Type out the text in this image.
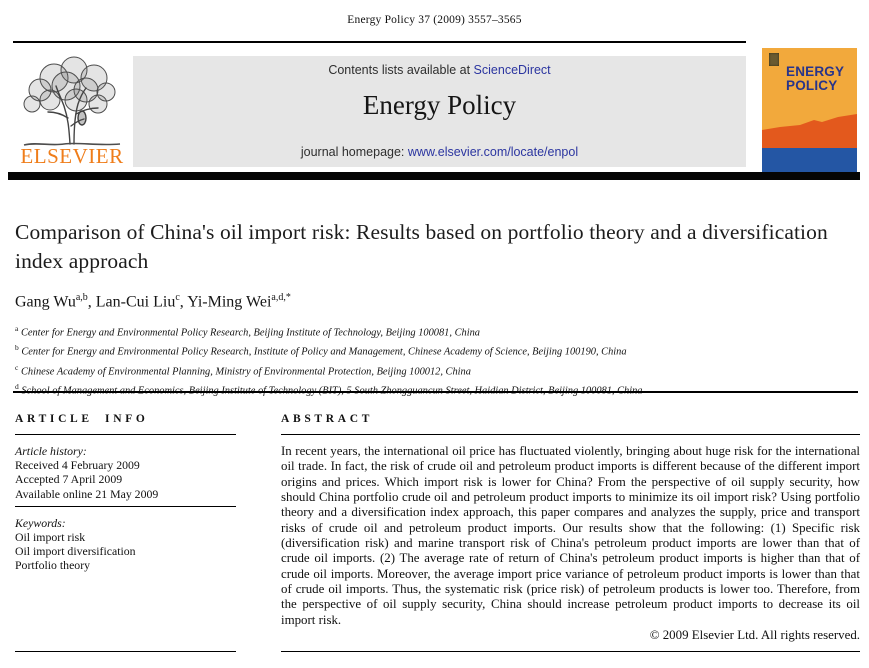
Energy Policy 37 (2009) 3557–3565
ELSEVIER
Contents lists available at ScienceDirect
Energy Policy
journal homepage: www.elsevier.com/locate/enpol
ENERGY
POLICY
Comparison of China's oil import risk: Results based on portfolio theory and a diversification index approach
Gang Wu$^{a,b}$, Lan-Cui Liu$^c$, Yi-Ming Wei$^{a,d,*}$
$^a$ Center for Energy and Environmental Policy Research, Beijing Institute of Technology, Beijing 100081, China
$^b$ Center for Energy and Environmental Policy Research, Institute of Policy and Management, Chinese Academy of Science, Beijing 100190, China
$^c$ Chinese Academy of Environmental Planning, Ministry of Environmental Protection, Beijing 100012, China
$^d$
ARTICLE INFO
Article history:
Received 4 February 2009
Accepted 7 April 2009
Available online 21 May 2009
Keywords:
Oil import risk
Oil import diversification
Portfolio theory
ABSTRACT
In recent years, the international oil price has fluctuated violently, bringing about huge risk for the international oil trade. In fact, the risk of crude oil and petroleum product imports is different because of the different import origins and prices. Which import risk is lower for China? From the perspective of oil supply security, how should China portfolio crude oil and petroleum product imports to minimize its oil import risk? Using portfolio theory and a diversification index approach, this paper compares and analyzes the supply, price and transport risks of crude oil and petroleum product imports. Our results show that the following: (1) Specific risk (diversification risk) and marine transport risk of China's petroleum product imports are lower than that of crude oil imports. (2) The average rate of return of China's petroleum product imports is higher than that of crude oil imports. Moreover, the average import price variance of petroleum product imports is lower than that of crude oil imports. Thus, the systematic risk (price risk) of petroleum products is lower too. Therefore, from the perspective of oil supply security, China should increase petroleum product imports to decrease its oil import risk.
© 2009 Elsevier Ltd. All rights reserved.
